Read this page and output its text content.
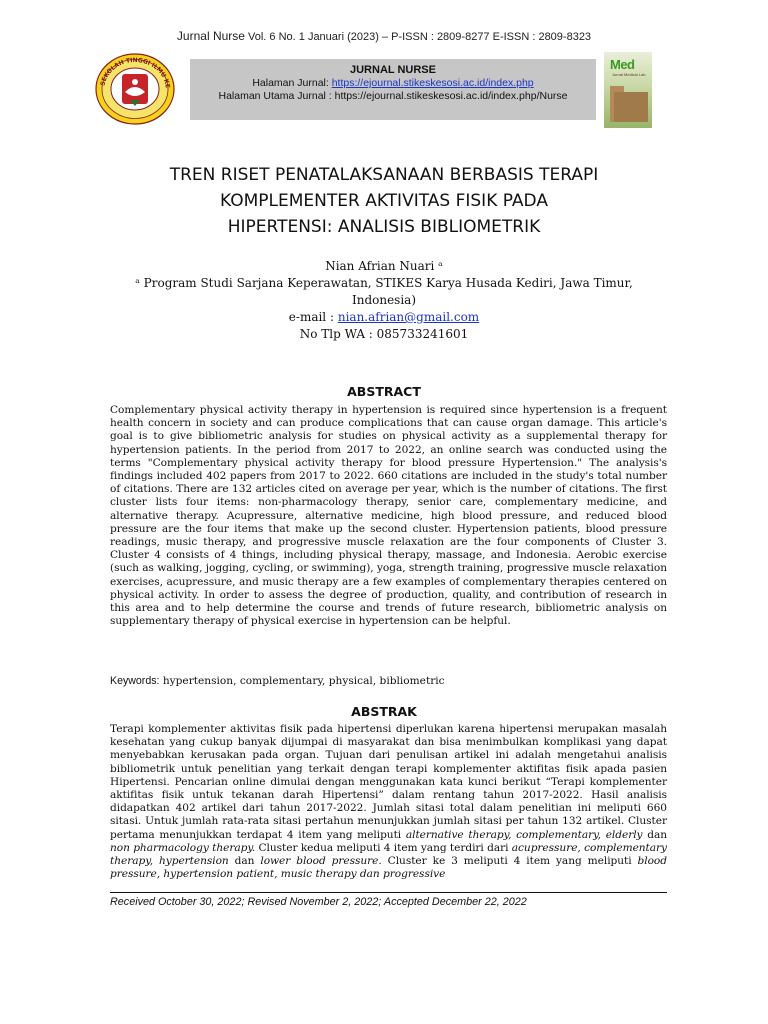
Jurnal Nurse Vol. 6 No. 1 Januari (2023) – P-ISSN : 2809-8277 E-ISSN : 2809-8323
SEKOLAH TINGGI ILMU KE
Med
Jurnal Medical Lab
JURNAL NURSE
Halaman Jurnal: https://ejournal.stikeskesosi.ac.id/index.php
Halaman Utama Jurnal : https://ejournal.stikeskesosi.ac.id/index.php/Nurse
TREN RISET PENATALAKSANAAN BERBASIS TERAPI
KOMPLEMENTER AKTIVITAS FISIK PADA
HIPERTENSI: ANALISIS BIBLIOMETRIK
Nian Afrian Nuari ᵃ
ᵃ Program Studi Sarjana Keperawatan, STIKES Karya Husada Kediri, Jawa Timur,
Indonesia)
e-mail : nian.afrian@gmail.com
No Tlp WA : 085733241601
ABSTRACT
Complementary physical activity therapy in hypertension is required since hypertension is a frequent health concern in society and can produce complications that can cause organ damage. This article's goal is to give bibliometric analysis for studies on physical activity as a supplemental therapy for hypertension patients. In the period from 2017 to 2022, an online search was conducted using the terms "Complementary physical activity therapy for blood pressure Hypertension." The analysis's findings included 402 papers from 2017 to 2022. 660 citations are included in the study's total number of citations. There are 132 articles cited on average per year, which is the number of citations. The first cluster lists four items: non-pharmacology therapy, senior care, complementary medicine, and alternative therapy. Acupressure, alternative medicine, high blood pressure, and reduced blood pressure are the four items that make up the second cluster. Hypertension patients, blood pressure readings, music therapy, and progressive muscle relaxation are the four components of Cluster 3. Cluster 4 consists of 4 things, including physical therapy, massage, and Indonesia. Aerobic exercise (such as walking, jogging, cycling, or swimming), yoga, strength training, progressive muscle relaxation exercises, acupressure, and music therapy are a few examples of complementary therapies centered on physical activity. In order to assess the degree of production, quality, and contribution of research in this area and to help determine the course and trends of future research, bibliometric analysis on supplementary therapy of physical exercise in hypertension can be helpful.
Keywords: hypertension, complementary, physical, bibliometric
ABSTRAK
Terapi komplementer aktivitas fisik pada hipertensi diperlukan karena hipertensi merupakan masalah kesehatan yang cukup banyak dijumpai di masyarakat dan bisa menimbulkan komplikasi yang dapat menyebabkan kerusakan pada organ. Tujuan dari penulisan artikel ini adalah mengetahui analisis bibliometrik untuk penelitian yang terkait dengan terapi komplementer aktifitas fisik apada pasien Hipertensi. Pencarian online dimulai dengan menggunakan kata kunci berikut “Terapi komplementer aktifitas fisik untuk tekanan darah Hipertensi” dalam rentang tahun 2017-2022. Hasil analisis didapatkan 402 artikel dari tahun 2017-2022. Jumlah sitasi total dalam penelitian ini meliputi 660 sitasi. Untuk jumlah rata-rata sitasi pertahun menunjukkan jumlah sitasi per tahun 132 artikel. Cluster pertama menunjukkan terdapat 4 item yang meliputi alternative therapy, complementary, elderly dan non pharmacology therapy. Cluster kedua meliputi 4 item yang terdiri dari acupressure, complementary therapy, hypertension dan lower blood pressure. Cluster ke 3 meliputi 4 item yang meliputi blood pressure, hypertension patient, music therapy dan progressive
Received October 30, 2022; Revised November 2, 2022; Accepted December 22, 2022
